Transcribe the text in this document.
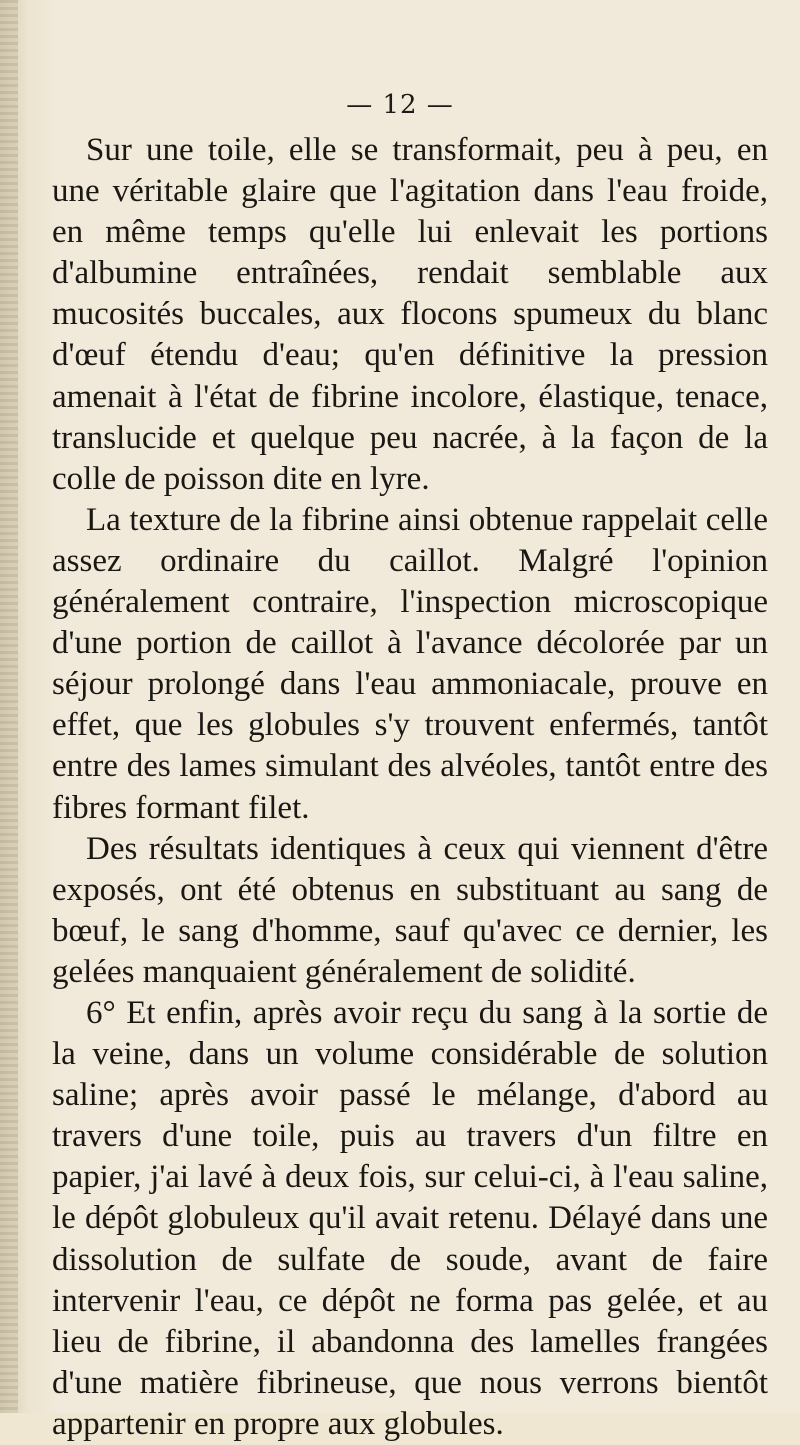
— 12 —

Sur une toile, elle se transformait, peu à peu, en une véritable glaire que l'agitation dans l'eau froide, en même temps qu'elle lui enlevait les portions d'albumine entraînées, rendait semblable aux mucosités buccales, aux flocons spumeux du blanc d'œuf étendu d'eau; qu'en définitive la pression amenait à l'état de fibrine incolore, élastique, tenace, translucide et quelque peu nacrée, à la façon de la colle de poisson dite en lyre.

La texture de la fibrine ainsi obtenue rappelait celle assez ordinaire du caillot. Malgré l'opinion généralement contraire, l'inspection microscopique d'une portion de caillot à l'avance décolorée par un séjour prolongé dans l'eau ammoniacale, prouve en effet, que les globules s'y trouvent enfermés, tantôt entre des lames simulant des alvéoles, tantôt entre des fibres formant filet.

Des résultats identiques à ceux qui viennent d'être exposés, ont été obtenus en substituant au sang de bœuf, le sang d'homme, sauf qu'avec ce dernier, les gelées manquaient généralement de solidité.

6° Et enfin, après avoir reçu du sang à la sortie de la veine, dans un volume considérable de solution saline; après avoir passé le mélange, d'abord au travers d'une toile, puis au travers d'un filtre en papier, j'ai lavé à deux fois, sur celui-ci, à l'eau saline, le dépôt globuleux qu'il avait retenu. Délayé dans une dissolution de sulfate de soude, avant de faire intervenir l'eau, ce dépôt ne forma pas gelée, et au lieu de fibrine, il abandonna des lamelles frangées d'une matière fibrineuse, que nous verrons bientôt appartenir en propre aux globules.
